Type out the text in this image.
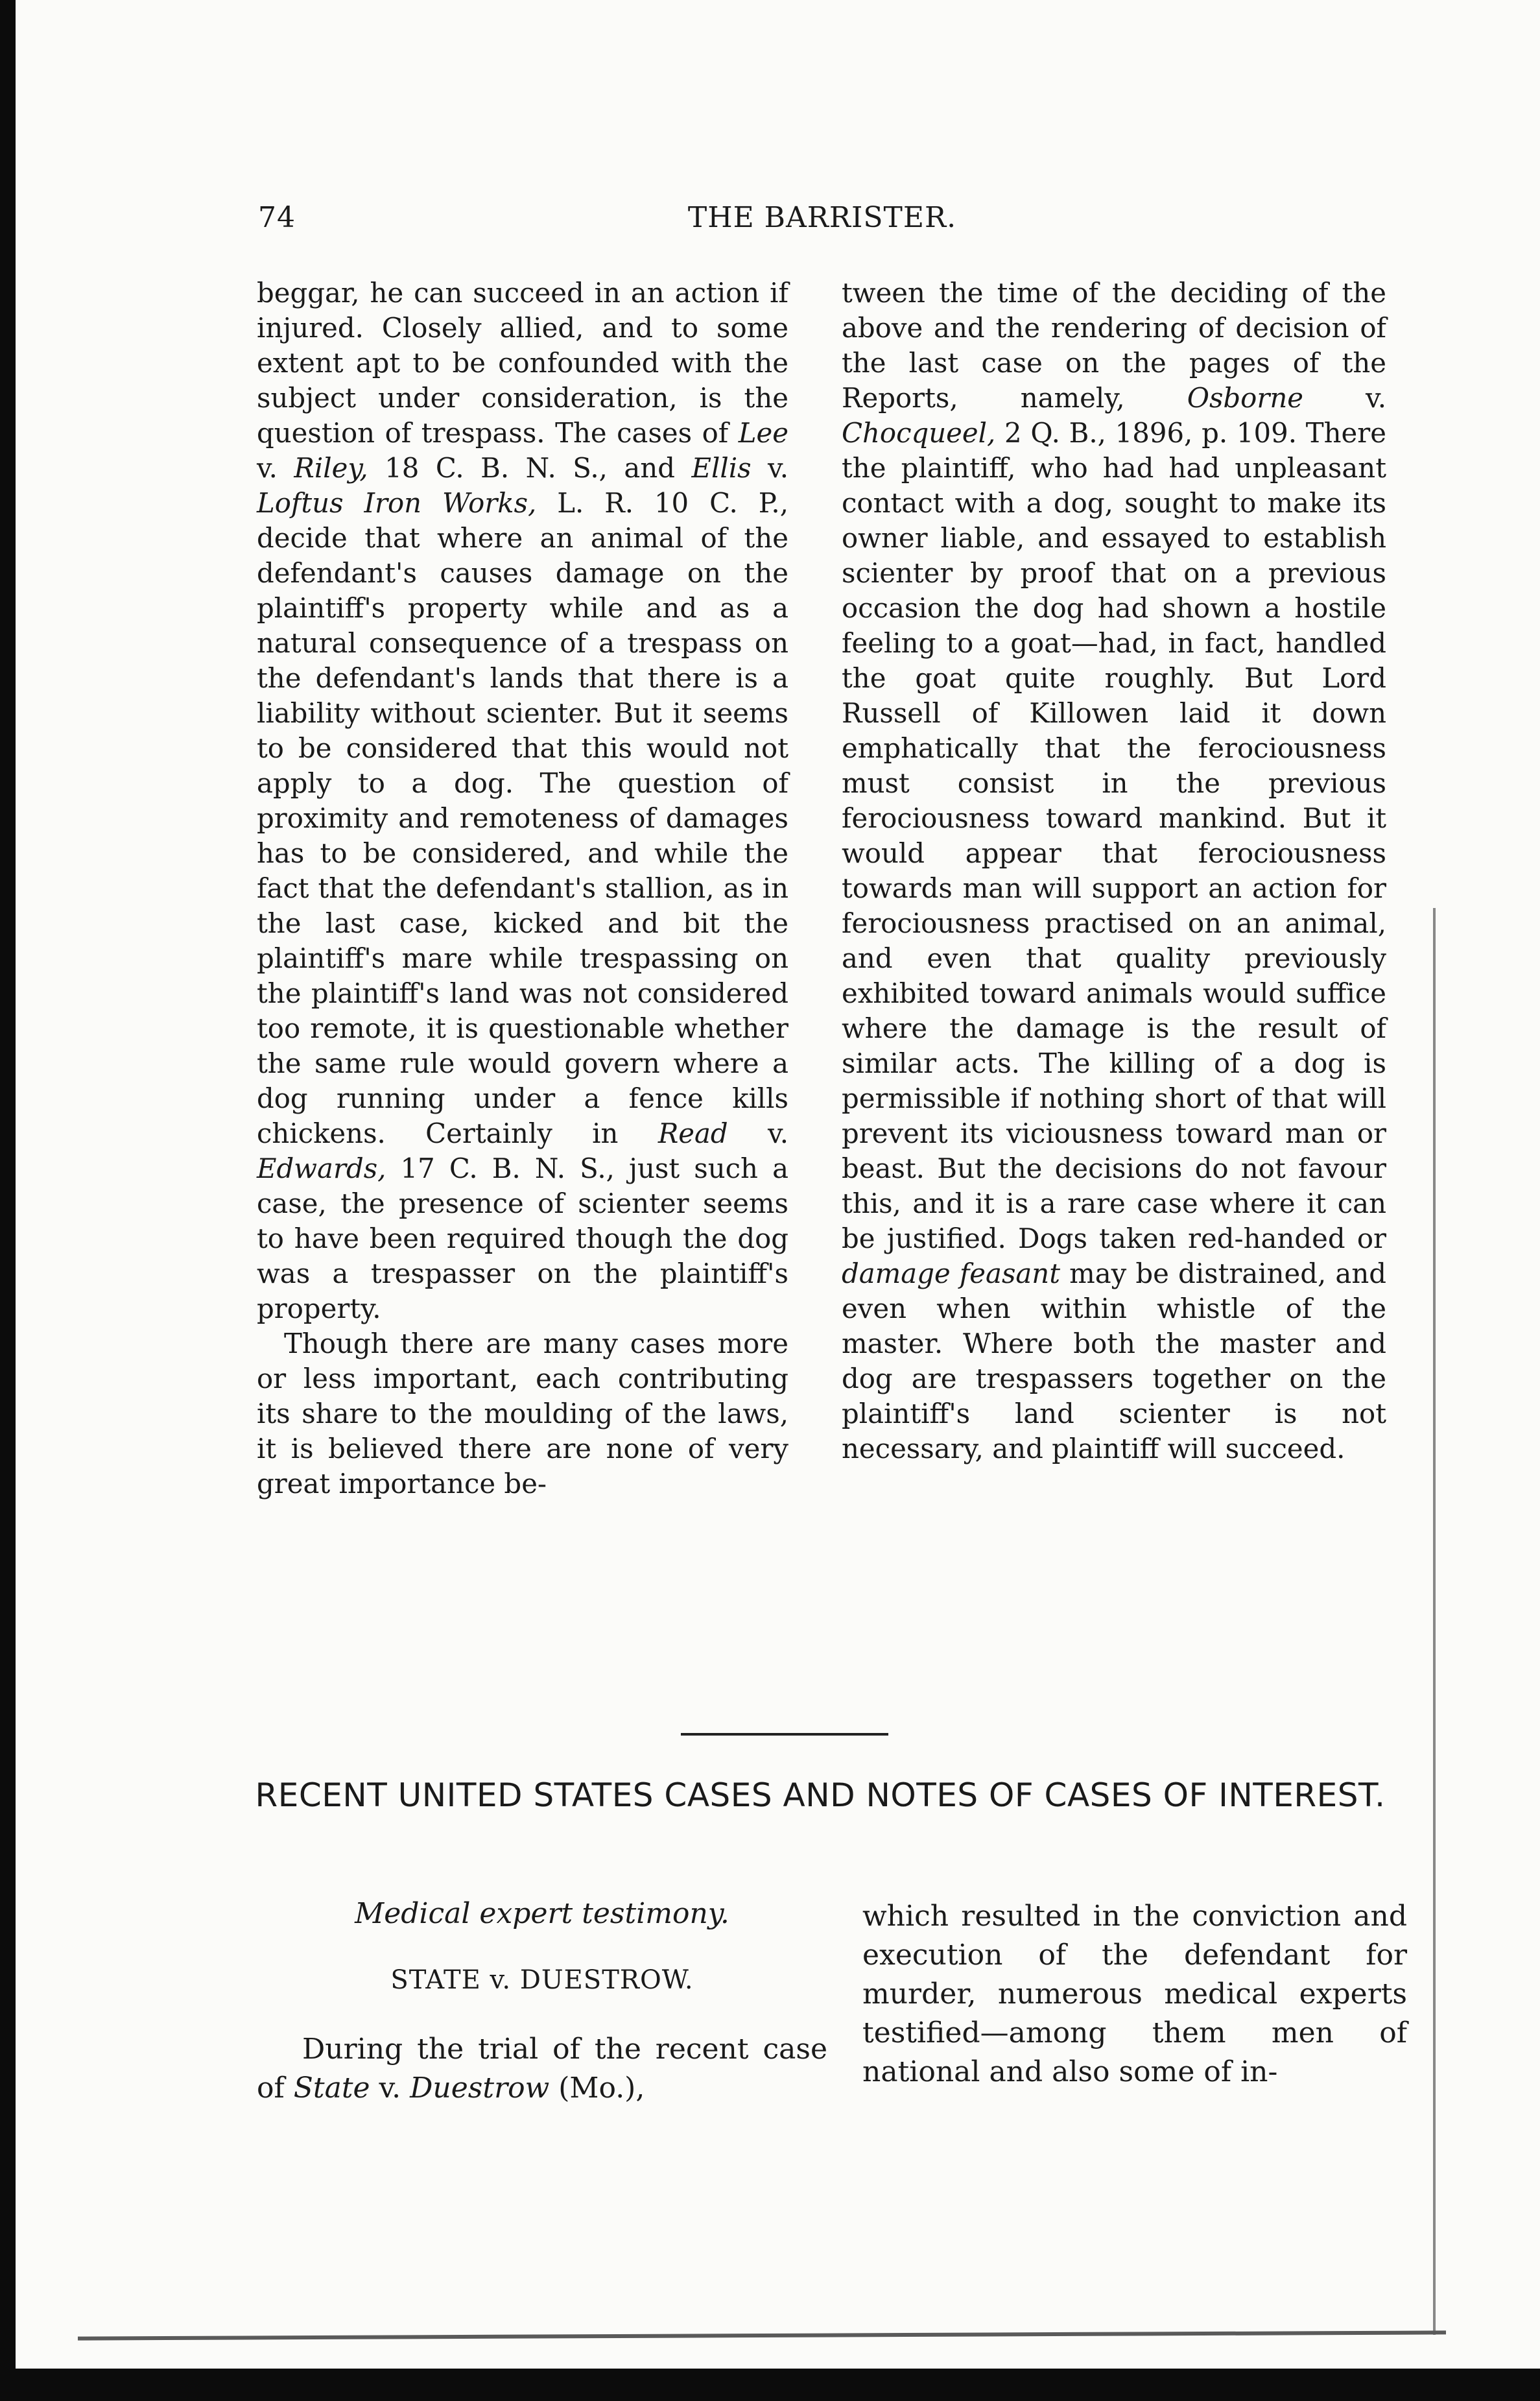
74	THE BARRISTER.

beggar, he can succeed in an action if injured. Closely allied, and to some extent apt to be confounded with the subject under consideration, is the question of trespass. The cases of Lee v. Riley, 18 C. B. N. S., and Ellis v. Loftus Iron Works, L. R. 10 C. P., decide that where an animal of the defendant's causes damage on the plaintiff's property while and as a natural consequence of a trespass on the defendant's lands that there is a liability without scienter. But it seems to be considered that this would not apply to a dog. The question of proximity and remoteness of damages has to be considered, and while the fact that the defendant's stallion, as in the last case, kicked and bit the plaintiff's mare while trespassing on the plaintiff's land was not considered too remote, it is questionable whether the same rule would govern where a dog running under a fence kills chickens. Certainly in Read v. Edwards, 17 C. B. N. S., just such a case, the presence of scienter seems to have been required though the dog was a trespasser on the plaintiff's property.

Though there are many cases more or less important, each contributing its share to the moulding of the laws, it is believed there are none of very great importance be-

tween the time of the deciding of the above and the rendering of decision of the last case on the pages of the Reports, namely, Osborne v. Chocqueel, 2 Q. B., 1896, p. 109. There the plaintiff, who had had unpleasant contact with a dog, sought to make its owner liable, and essayed to establish scienter by proof that on a previous occasion the dog had shown a hostile feeling to a goat—had, in fact, handled the goat quite roughly. But Lord Russell of Killowen laid it down emphatically that the ferociousness must consist in the previous ferociousness toward mankind. But it would appear that ferociousness towards man will support an action for ferociousness practised on an animal, and even that quality previously exhibited toward animals would suffice where the damage is the result of similar acts. The killing of a dog is permissible if nothing short of that will prevent its viciousness toward man or beast. But the decisions do not favour this, and it is a rare case where it can be justified. Dogs taken red-handed or damage feasant may be distrained, and even when within whistle of the master. Where both the master and dog are trespassers together on the plaintiff's land scienter is not necessary, and plaintiff will succeed.

RECENT UNITED STATES CASES AND NOTES OF CASES OF INTEREST.
Medical expert testimony.
STATE v. DUESTROW.

During the trial of the recent case of State v. Duestrow (Mo.),

which resulted in the conviction and execution of the defendant for murder, numerous medical experts testified—among them men of national and also some of in-
